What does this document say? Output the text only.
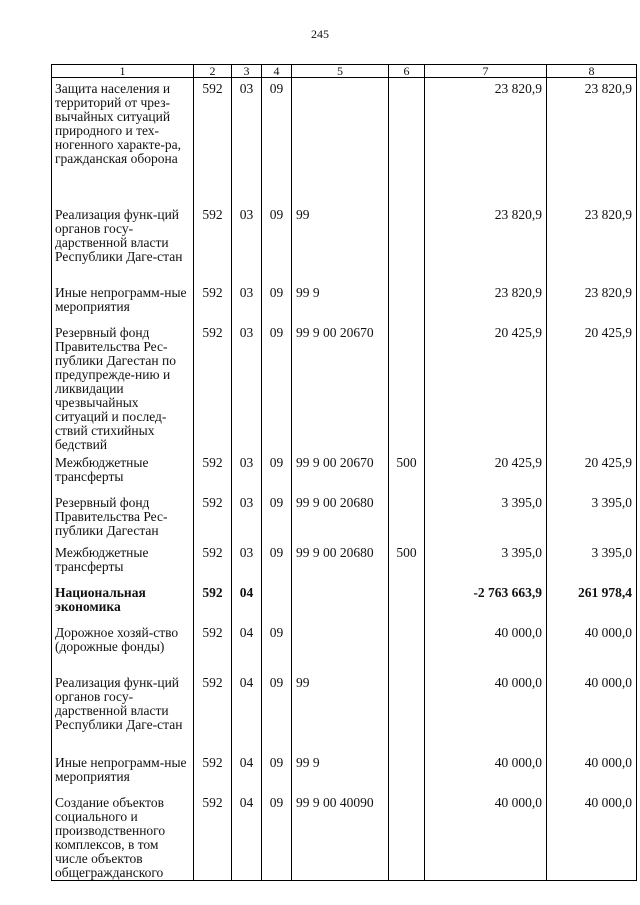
245
1	2	3	4	5	6	7	8
Защита населения и территорий от чрез-вычайных ситуаций природного и тех-ногенного характе-ра, гражданская оборона	592	03	09			23 820,9	23 820,9
Реализация функ-ций органов госу-дарственной власти Республики Даге-стан	592	03	09	99		23 820,9	23 820,9
Иные непрограмм-ные мероприятия	592	03	09	99 9		23 820,9	23 820,9
Резервный фонд Правительства Рес-публики Дагестан по предупрежде-нию и ликвидации чрезвычайных ситуаций и послед-ствий стихийных бедствий	592	03	09	99 9 00 20670		20 425,9	20 425,9
Межбюджетные трансферты	592	03	09	99 9 00 20670	500	20 425,9	20 425,9
Резервный фонд Правительства Рес-публики Дагестан	592	03	09	99 9 00 20680		3 395,0	3 395,0
Межбюджетные трансферты	592	03	09	99 9 00 20680	500	3 395,0	3 395,0
Национальная экономика	592	04				-2 763 663,9	261 978,4
Дорожное хозяй-ство (дорожные фонды)	592	04	09			40 000,0	40 000,0
Реализация функ-ций органов госу-дарственной власти Республики Даге-стан	592	04	09	99		40 000,0	40 000,0
Иные непрограмм-ные мероприятия	592	04	09	99 9		40 000,0	40 000,0
Создание объектов социального и производственного комплексов, в том числе объектов общегражданского	592	04	09	99 9 00 40090		40 000,0	40 000,0
